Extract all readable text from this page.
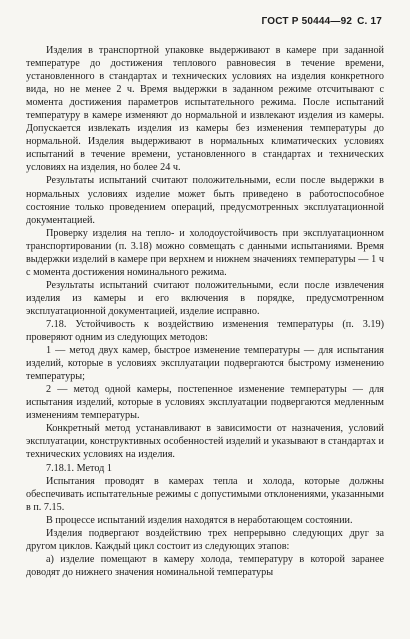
ГОСТ Р 50444—92 С. 17

Изделия в транспортной упаковке выдерживают в камере при заданной температуре до достижения теплового равновесия в течение времени, установленного в стандартах и технических условиях на изделия конкретного вида, но не менее 2 ч. Время выдержки в заданном режиме отсчитывают с момента достижения параметров испытательного режима. После испытаний температуру в камере изменяют до нормальной и извлекают изделия из камеры. Допускается извлекать изделия из камеры без изменения температуры до нормальной. Изделия выдерживают в нормальных климатических условиях испытаний в течение времени, установленного в стандартах и технических условиях на изделия, но более 24 ч.

Результаты испытаний считают положительными, если после выдержки в нормальных условиях изделие может быть приведено в работоспособное состояние только проведением операций, предусмотренных эксплуатационной документацией.

Проверку изделия на тепло- и холодоустойчивость при эксплуатационном транспортировании (п. 3.18) можно совмещать с данными испытаниями. Время выдержки изделий в камере при верхнем и нижнем значениях температуры — 1 ч с момента достижения номинального режима.

Результаты испытаний считают положительными, если после извлечения изделия из камеры и его включения в порядке, предусмотренном эксплуатационной документацией, изделие исправно.

7.18. Устойчивость к воздействию изменения температуры (п. 3.19) проверяют одним из следующих методов:

1 — метод двух камер, быстрое изменение температуры — для испытания изделий, которые в условиях эксплуатации подвергаются быстрому изменению температуры;

2 — метод одной камеры, постепенное изменение температуры — для испытания изделий, которые в условиях эксплуатации подвергаются медленным изменениям температуры.

Конкретный метод устанавливают в зависимости от назначения, условий эксплуатации, конструктивных особенностей изделий и указывают в стандартах и технических условиях на изделия.

7.18.1. Метод 1

Испытания проводят в камерах тепла и холода, которые должны обеспечивать испытательные режимы с допустимыми отклонениями, указанными в п. 7.15.

В процессе испытаний изделия находятся в неработающем состоянии.

Изделия подвергают воздействию трех непрерывно следующих друг за другом циклов. Каждый цикл состоит из следующих этапов:

а) изделие помещают в камеру холода, температуру в которой заранее доводят до нижнего значения номинальной температуры
